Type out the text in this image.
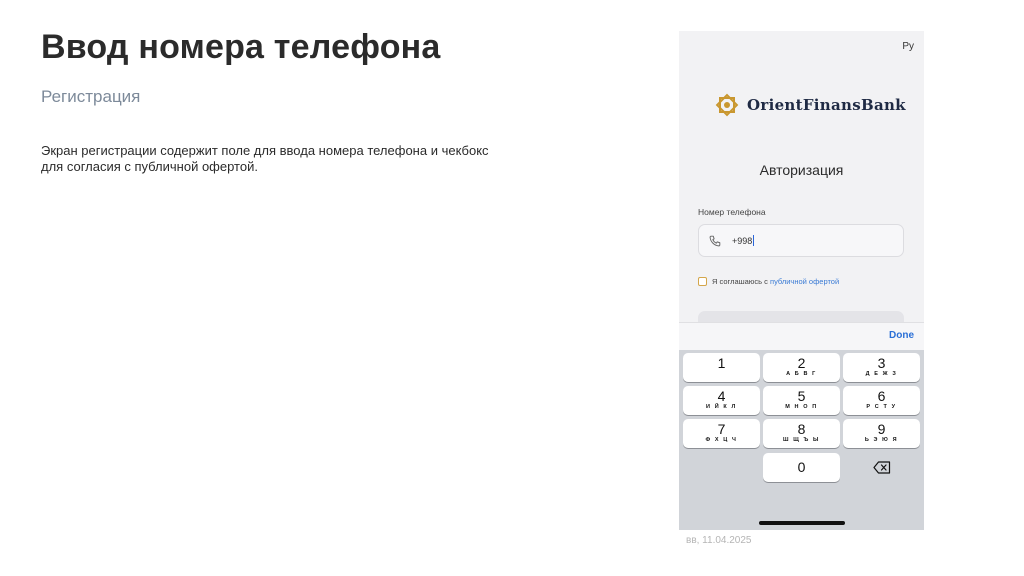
Ввод номера телефона
Регистрация
Экран регистрации содержит поле для ввода номера телефона и чекбокс для согласия с публичной офертой.
вв, 11.04.2025
Ру
OrientFinansBank
Авторизация
Номер телефона
+998
Я соглашаюсь с публичной офертой
Done
1	2
А Б В Г
3
Д Е Ж З
4
И Й К Л
5
М Н О П
6
Р С Т У
7
Ф Х Ц Ч
8
Ш Щ Ъ Ы
9
Ь Э Ю Я
0
